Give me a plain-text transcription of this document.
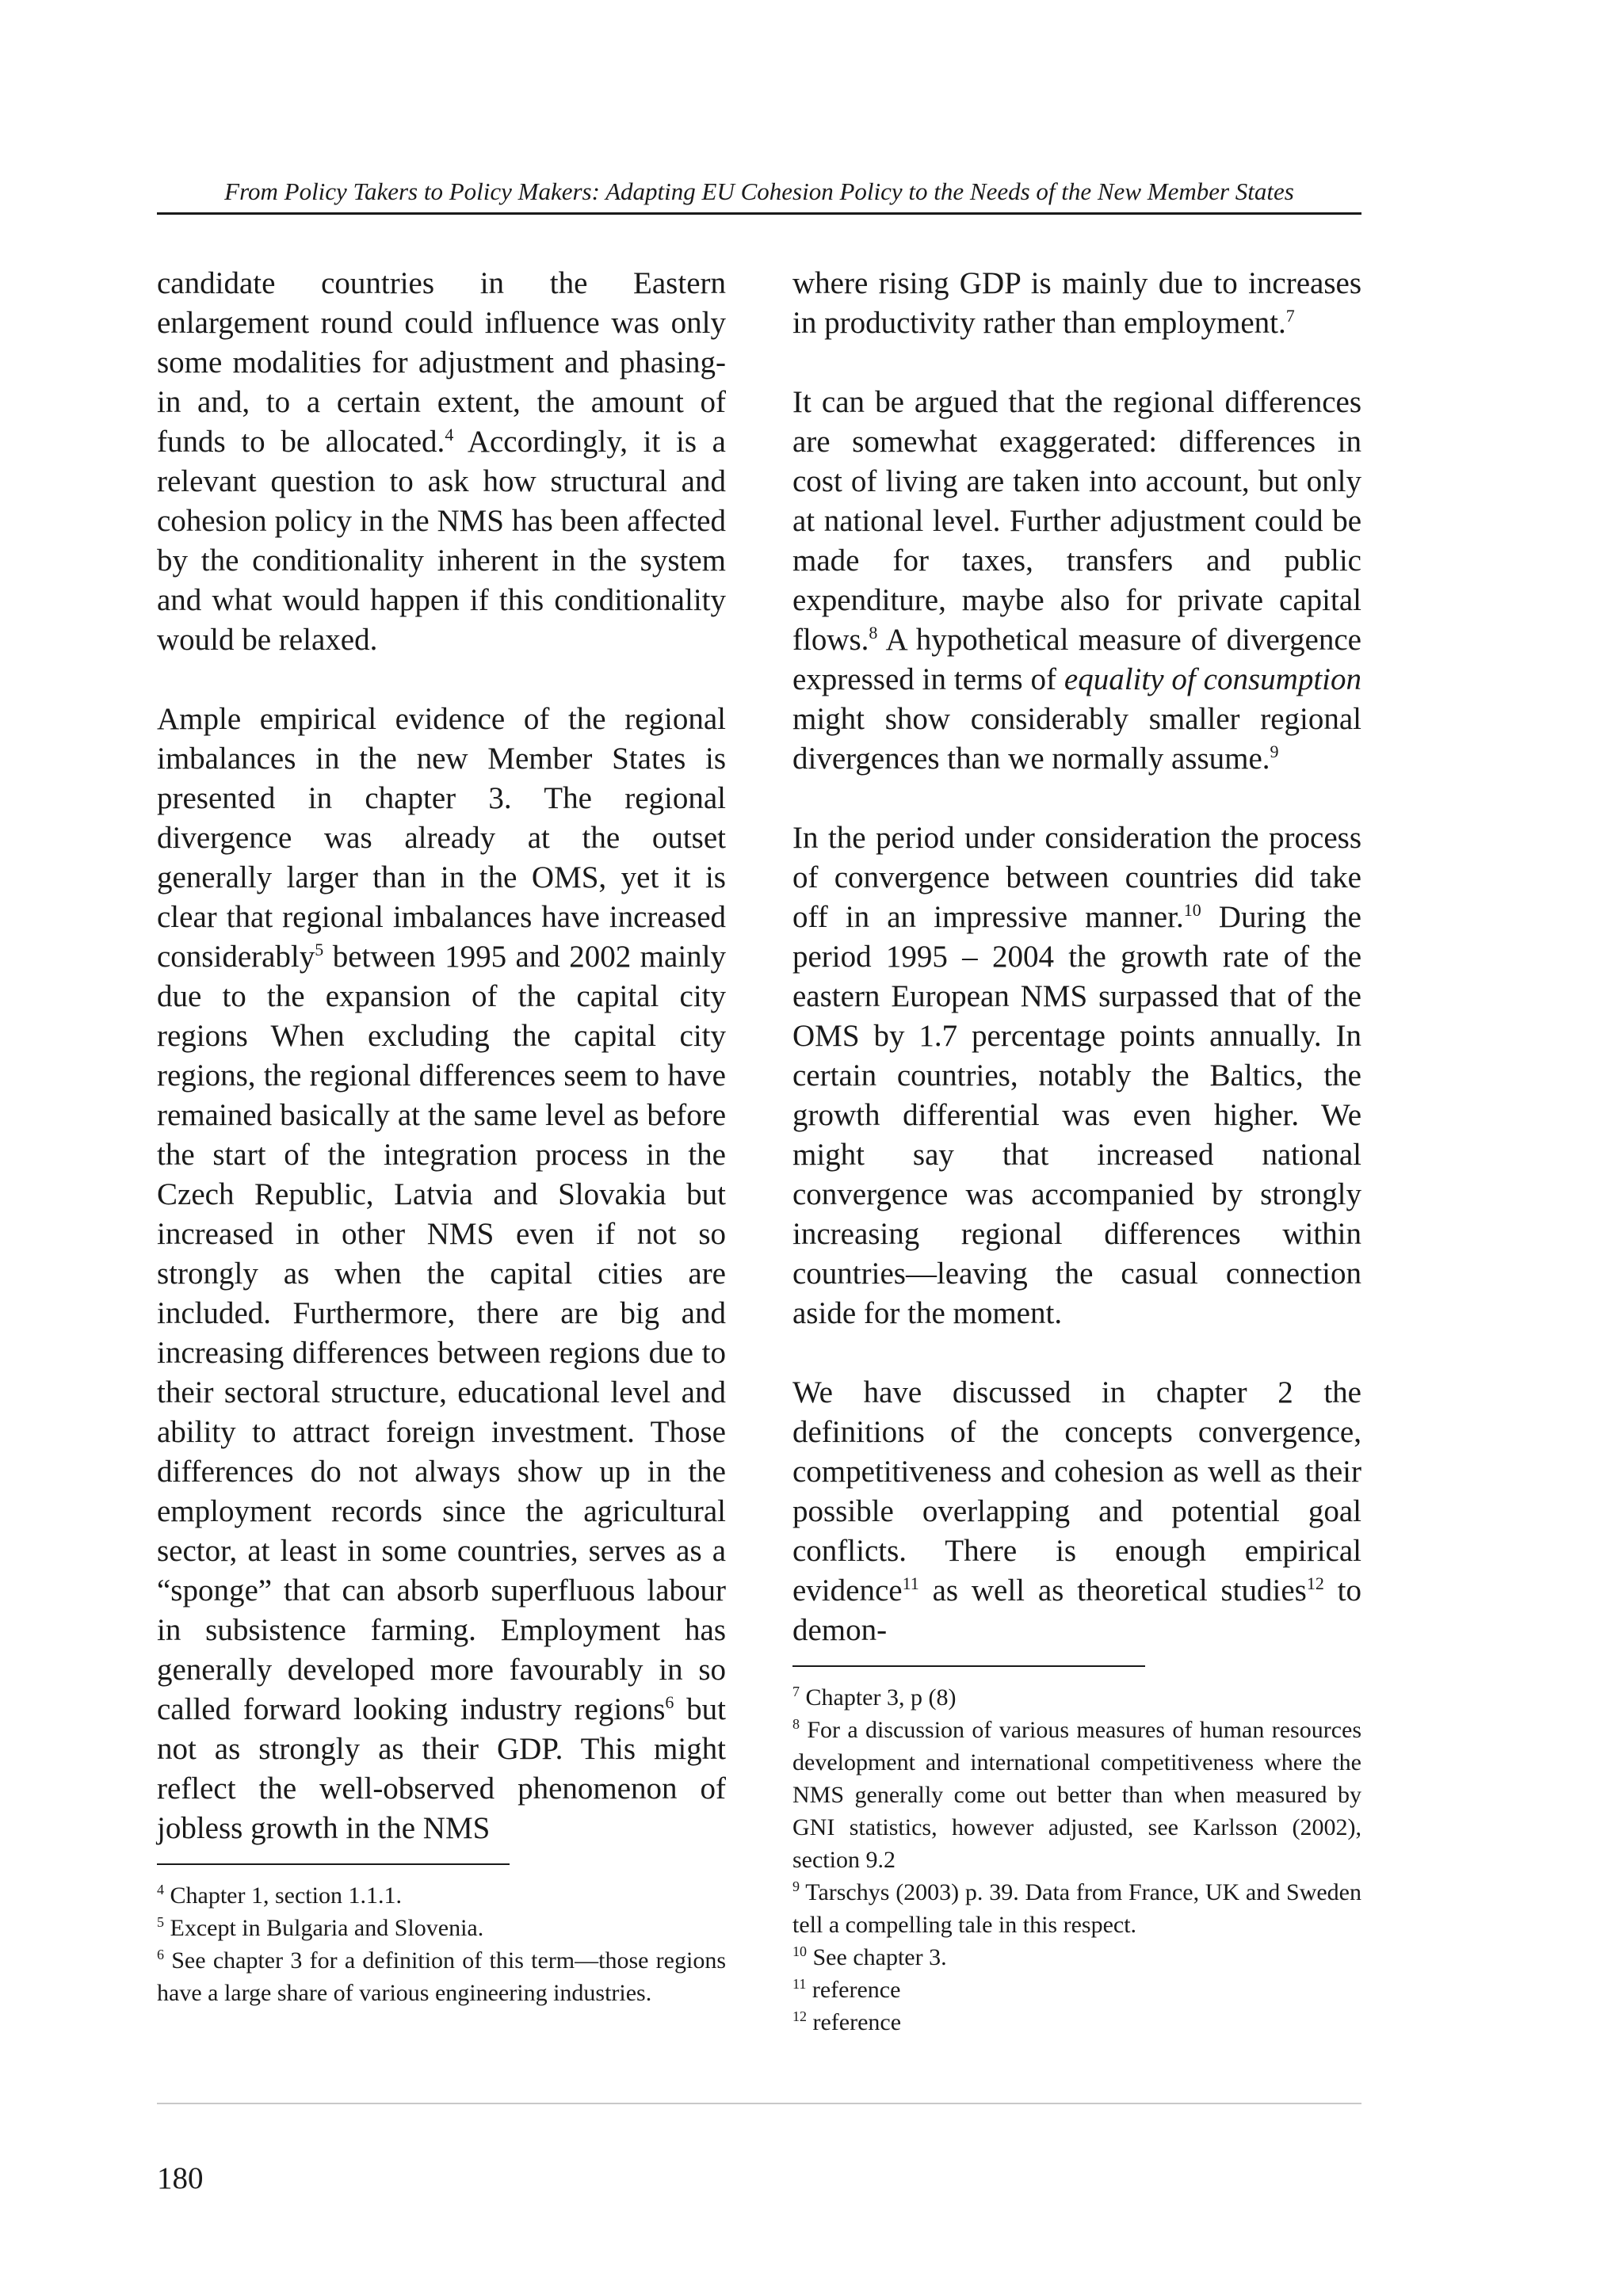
From Policy Takers to Policy Makers: Adapting EU Cohesion Policy to the Needs of the New Member States

candidate countries in the Eastern enlargement round could influence was only some modalities for adjustment and phasing-in and, to a certain extent, the amount of funds to be allocated.$^4$ Accordingly, it is a relevant question to ask how structural and cohesion policy in the NMS has been affected by the conditionality inherent in the system and what would happen if this conditionality would be relaxed.

Ample empirical evidence of the regional imbalances in the new Member States is presented in chapter 3. The regional divergence was already at the outset generally larger than in the OMS, yet it is clear that regional imbalances have increased considerably$^5$ between 1995 and 2002 mainly due to the expansion of the capital city regions When excluding the capital city regions, the regional differences seem to have remained basically at the same level as before the start of the integration process in the Czech Republic, Latvia and Slovakia but increased in other NMS even if not so strongly as when the capital cities are included. Furthermore, there are big and increasing differences between regions due to their sectoral structure, educational level and ability to attract foreign investment. Those differences do not always show up in the employment records since the agricultural sector, at least in some countries, serves as a “sponge” that can absorb superfluous labour in subsistence farming. Employment has generally developed more favourably in so called forward looking industry regions$^6$ but not as strongly as their GDP. This might reflect the well-observed phenomenon of jobless growth in the NMS

$^4$ Chapter 1, section 1.1.1.

$^5$ Except in Bulgaria and Slovenia.

$^6$ See chapter 3 for a definition of this term—those regions have a large share of various engineering industries.

where rising GDP is mainly due to increases in productivity rather than employment.$^7$

It can be argued that the regional differences are somewhat exaggerated: differences in cost of living are taken into account, but only at national level. Further adjustment could be made for taxes, transfers and public expenditure, maybe also for private capital flows.$^8$ A hypothetical measure of divergence expressed in terms of equality of consumption might show considerably smaller regional divergences than we normally assume.$^9$

In the period under consideration the process of convergence between countries did take off in an impressive manner.$^{10}$ During the period 1995 – 2004 the growth rate of the eastern European NMS surpassed that of the OMS by 1.7 percentage points annually. In certain countries, notably the Baltics, the growth differential was even higher. We might say that increased national convergence was accompanied by strongly increasing regional differences within countries—leaving the casual connection aside for the moment.

We have discussed in chapter 2 the definitions of the concepts convergence, competitiveness and cohesion as well as their possible overlapping and potential goal conflicts. There is enough empirical evidence$^{11}$ as well as theoretical studies$^{12}$ to demon-

$^7$ Chapter 3, p (8)

$^8$ For a discussion of various measures of human resources development and international competitiveness where the NMS generally come out better than when measured by GNI statistics, however adjusted, see Karlsson (2002), section 9.2

$^9$ Tarschys (2003) p. 39. Data from France, UK and Sweden tell a compelling tale in this respect.

$^{10}$ See chapter 3.

$^{11}$ reference

$^{12}$ reference

180
